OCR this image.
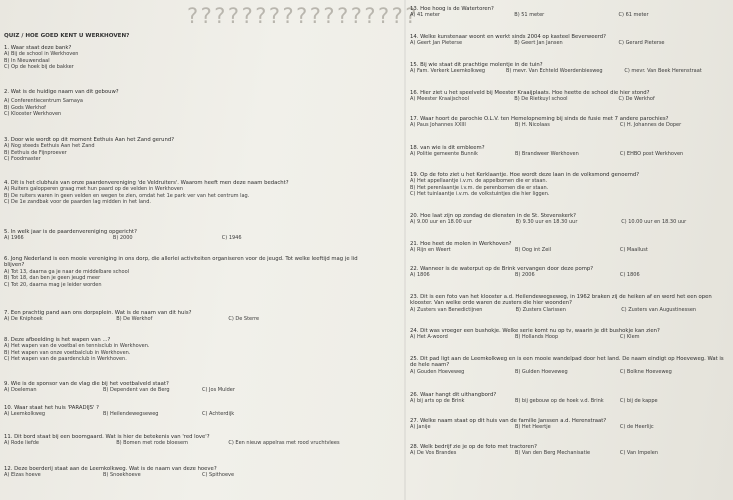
?????????????????
QUIZ / HOE GOED KENT U WERKHOVEN?
1. Waar staat deze bank?
A) Bij de school in Werkhoven
B) In Nieuwendaal
C) Op de hoek bij de bakker
2. Wat is de huidige naam van dit gebouw?
A) Conferentiecentrum Samaya
B) Gods Werkhof
C) Klooster Werkhoven
3. Door wie wordt op dit moment Eethuis Aan het Zand gerund?
A) Nog steeds Eethuis Aan het Zand
B) Eethuis de Fijnproever
C) Foodmaster
4. Dit is het clubhuis van onze paardenvereniging 'de Veldruiters'. Waarom heeft men deze naam bedacht?
A) Ruiters galopperen graag met hun paard op de velden in Werkhoven
B) De ruiters waren in geen velden en wegen te zien, omdat het 1e park ver van het centrum lag.
C) De 1e zandbak voor de paarden lag midden in het land.
5. In welk jaar is de paardenvereniging opgericht?
A) 1966	B) 2000	C) 1946
6. Jong Nederland is een mooie vereniging in ons dorp, die allerlei activiteiten organiseren voor de jeugd. Tot welke leeftijd mag je lid blijven?
A) Tot 13, daarna ga je naar de middelbare school
B) Tot 18, dan ben je geen jeugd meer
C) Tot 20, daarna mag je leider worden
7. Een prachtig pand aan ons dorpsplein. Wat is de naam van dit huis?
A) De Kniphoek	B) De Werkhof	C) De Sterre
8. Deze afbeelding is het wapen van ...?
A) Het wapen van de voetbal en tennisclub in Werkhoven.
B) Het wapen van onze voetbalclub in Werkhoven.
C) Het wapen van de paardenclub in Werkhoven.
9. Wie is de sponsor van de vlag die bij het voetbalveld staat?
A) Doeleman	B) Dependent van de Berg	C) Jos Mulder
10. Waar staat het huis 'PARADIJS' ?
A) Leemkolkweg	B) Heilendewegseweg	C) Achterdijk
11. Dit bord staat bij een boomgaard. Wat is hier de betekenis van 'red love'?
A) Rode liefde	B) Bomen met rode bloesem	C) Een nieuw appelras met rood vruchtvlees
12. Deze boerderij staat aan de Leemkolkweg. Wat is de naam van deze hoeve?
A) Elzas hoeve	B) Snoekhoeve	C) Spithoeve
13. Hoe hoog is de Watertoren?
A) 41 meter	B) 51 meter	C) 61 meter
14. Welke kunstenaar woont en werkt sinds 2004 op kasteel Beverweerd?
A) Geert Jan Pieterse	B) Geert Jan Jansen	C) Gerard Pieterse
15. Bij wie staat dit prachtige molentje in de tuin?
A) Fam. Verkerk Leemkolkweg	B) mevr. Van Echteld Woerdenbiesweg	C) mevr. Van Beek Herenstraat
16. Hier ziet u het speelveld bij Meester Kraaijplaats. Hoe heette de school die hier stond?
A) Meester Kraaijschool	B) De Rietkuyl school	C) De Werkhof
17. Waar hoort de parochie O.L.V. ten Hemelopneming bij sinds de fusie met 7 andere parochies?
A) Paus Johannes XXIII	B) H. Nicolaas	C) H. Johannes de Doper
18. van wie is dit embleem?
A) Politie gemeente Bunnik	B) Brandweer Werkhoven	C) EHBO post Werkhoven
19. Op de foto ziet u het Kerklaantje. Hoe wordt deze laan in de volksmond genoemd?
A) Het appellaantje i.v.m. de appelbomen die er staan.
B) Het perenlaantje i.v.m. de perenbomen die er staan.
C) Het tuinlaantje i.v.m. de volkstuintjes die hier liggen.
20. Hoe laat zijn op zondag de diensten in de St. Stevenskerk?
A) 9.00 uur en 18.00 uur	B) 9.30 uur en 18.30 uur	C) 10.00 uur en 18.30 uur
21. Hoe heet de molen in Werkhoven?
A) Rijn en Weert	B) Oog int Zeil	C) Maallust
22. Wanneer is de waterput op de Brink vervangen door deze pomp?
A) 1806	B) 2006	C) 1806
23. Dit is een foto van het klooster a.d. Heilendewegseweg, in 1962 braken zij de heiken af en werd het een open klooster. Van welke orde waren de zusters die hier woonden?
A) Zusters van Benedictijnen	B) Zusters Clarissen	C) Zusters van Augustinessen
24. Dit was vroeger een bushokje. Welke serie komt nu op tv, waarin je dit bushokje kan zien?
A) Het A-woord	B) Hollands Hoop	C) Klem
25. Dit pad ligt aan de Leemkolkweg en is een mooie wandelpad door het land. De naam eindigt op Hoeveweg. Wat is de hele naam?
A) Gouden Hoeveweg	B) Gulden Hoeveweg	C) Bolkne Hoeveweg
26. Waar hangt dit uithangbord?
A) bij arts op de Brink	B) bij gebouw op de hoek v.d. Brink	C) bij de kappe
27. Welke naam staat op dit huis van de familie Janssen a.d. Herenstraat?
A) Janije	B) Het Heertje	C) de Heerlijc
28. Welk bedrijf zie je op de foto met tractoren?
A) De Vos Brandes	B) Van den Berg Mechanisatie	C) Van Impelen
